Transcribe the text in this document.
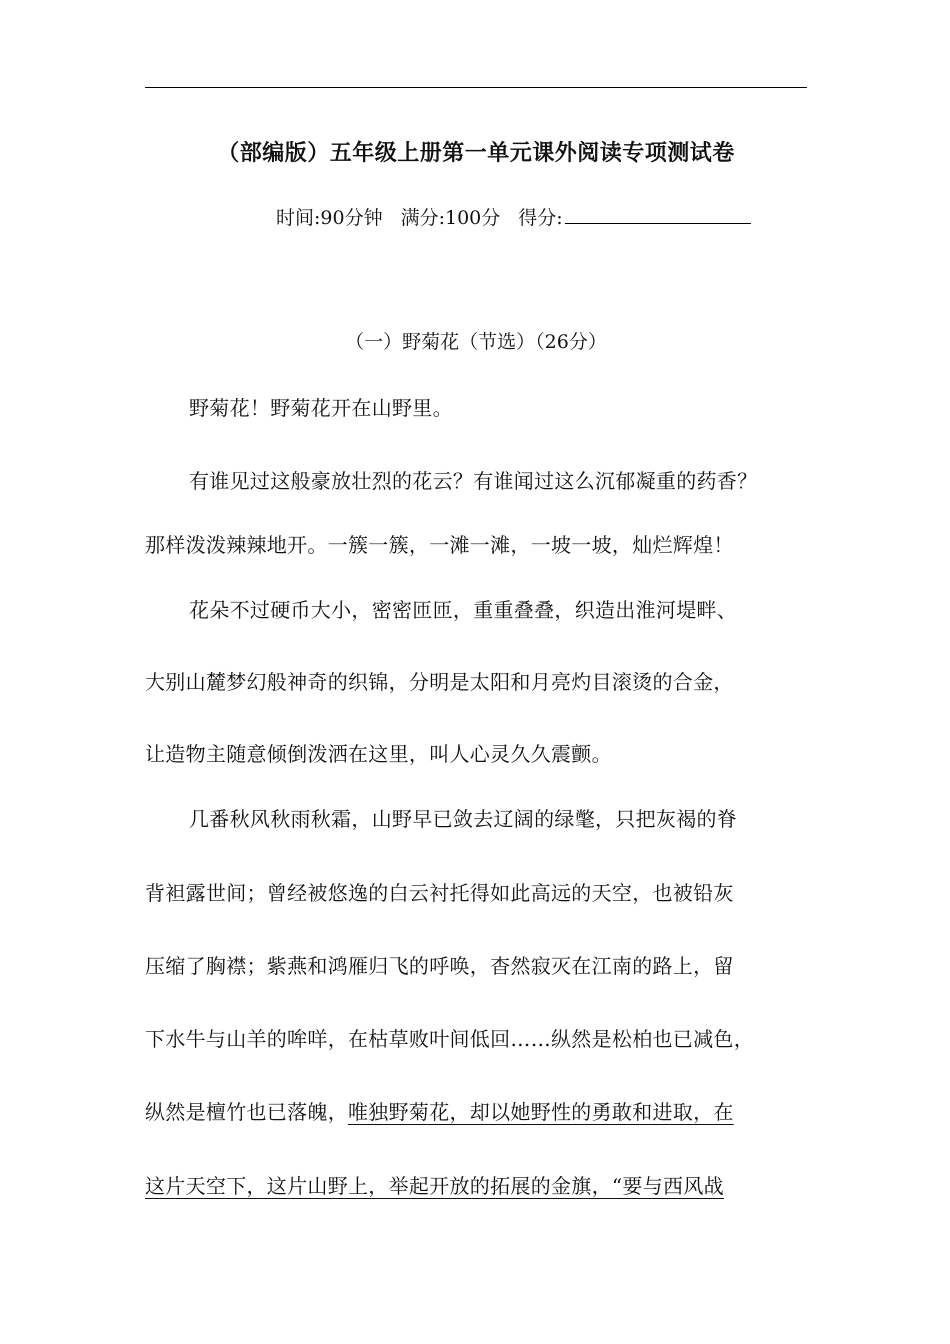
（部编版）五年级上册第一单元课外阅读专项测试卷
时间:90分钟 满分:100分 得分:
（一）野菊花（节选）（26分）
野菊花！野菊花开在山野里。
有谁见过这般豪放壮烈的花云？有谁闻过这么沉郁凝重的药香？
那样泼泼辣辣地开。一簇一簇，一滩一滩，一坡一坡，灿烂辉煌！
花朵不过硬币大小，密密匝匝，重重叠叠，织造出淮河堤畔、
大别山麓梦幻般神奇的织锦，分明是太阳和月亮灼目滚烫的合金，
让造物主随意倾倒泼洒在这里，叫人心灵久久震颤。
几番秋风秋雨秋霜，山野早已敛去辽阔的绿氅，只把灰褐的脊
背袒露世间；曾经被悠逸的白云衬托得如此高远的天空，也被铅灰
压缩了胸襟；紫燕和鸿雁归飞的呼唤，杳然寂灭在江南的路上，留
下水牛与山羊的哞咩，在枯草败叶间低回……纵然是松柏也已减色，
纵然是檀竹也已落魄，唯独野菊花，却以她野性的勇敢和进取，在
这片天空下，这片山野上，举起开放的拓展的金旗，“要与西风战
